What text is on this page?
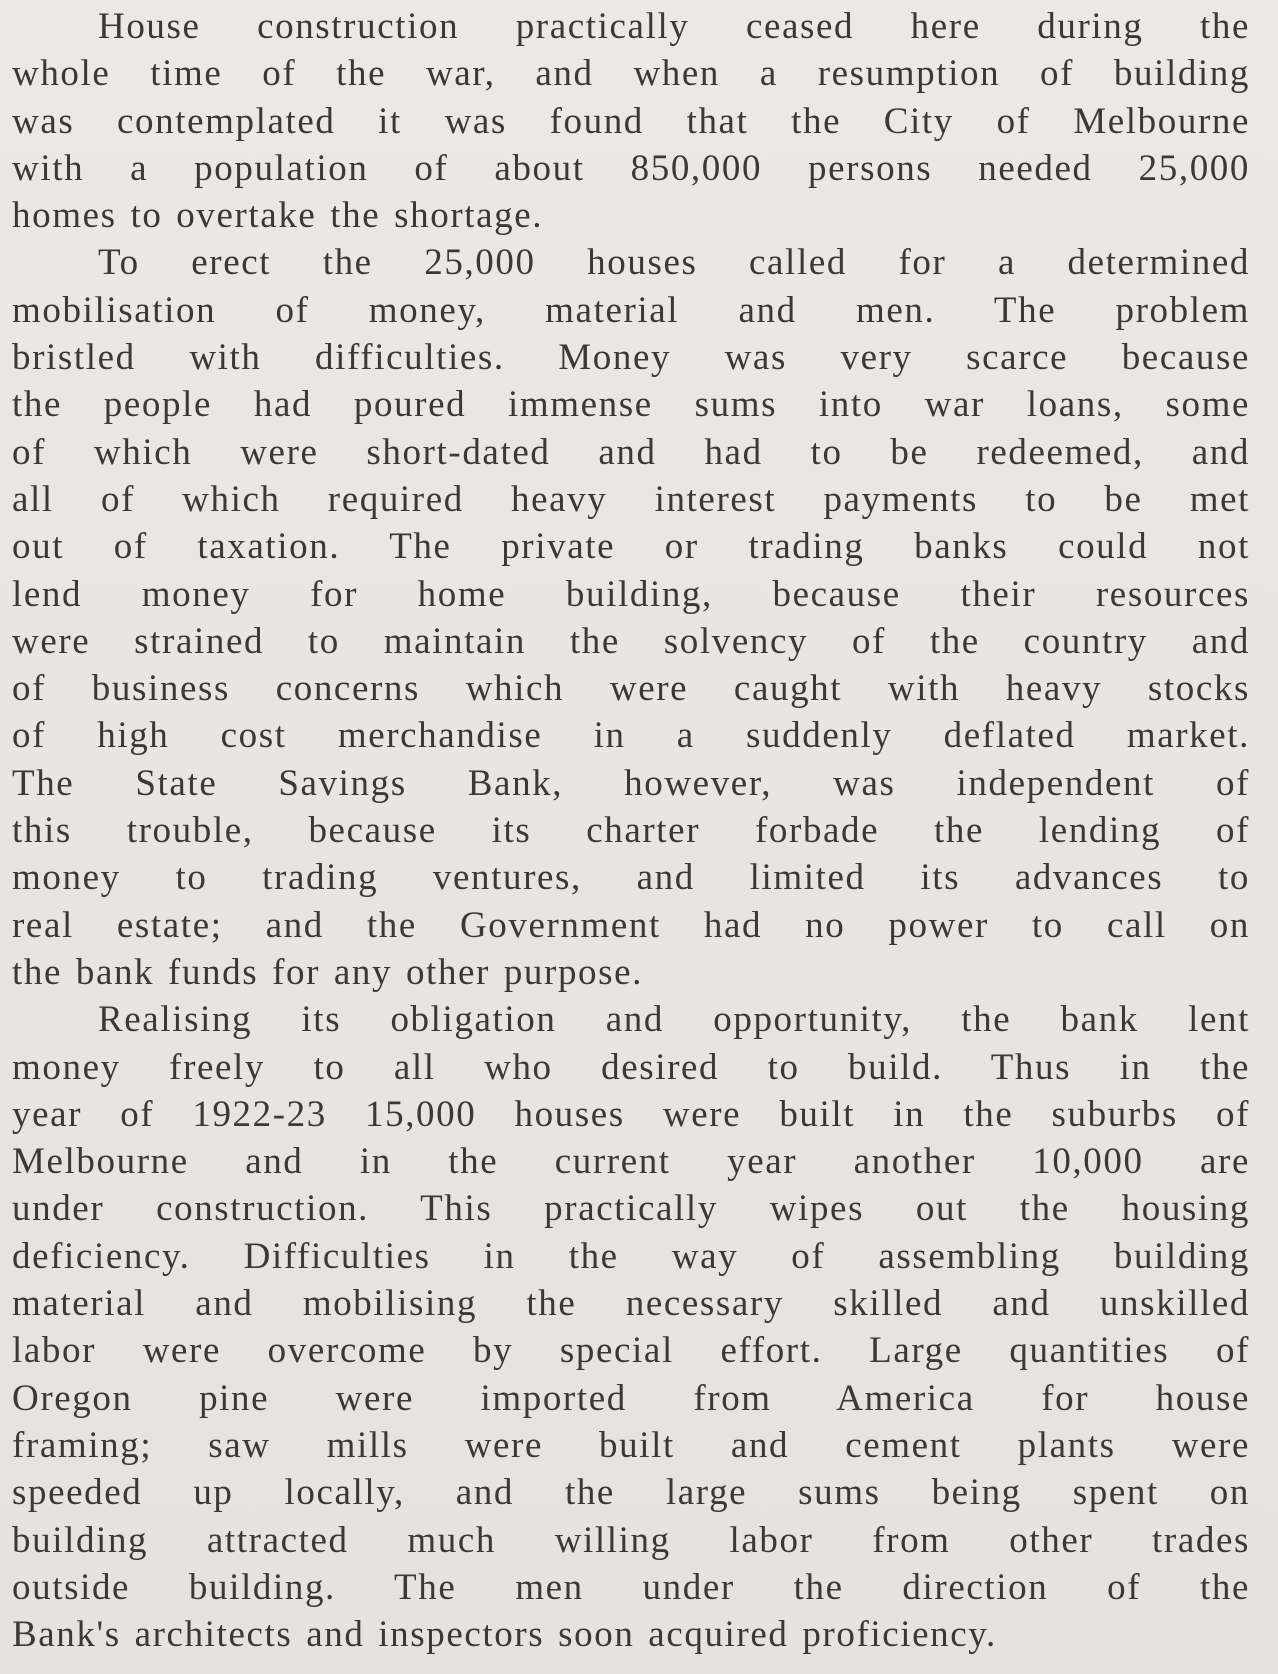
House construction practically ceased here during the
whole time of the war, and when a resumption of building
was contemplated it was found that the City of Melbourne
with a population of about 850,000 persons needed 25,000
homes to overtake the shortage.

To erect the 25,000 houses called for a determined
mobilisation of money, material and men. The problem
bristled with difficulties. Money was very scarce because
the people had poured immense sums into war loans, some
of which were short-dated and had to be redeemed, and
all of which required heavy interest payments to be met
out of taxation. The private or trading banks could not
lend money for home building, because their resources
were strained to maintain the solvency of the country and
of business concerns which were caught with heavy stocks
of high cost merchandise in a suddenly deflated market.
The State Savings Bank, however, was independent of
this trouble, because its charter forbade the lending of
money to trading ventures, and limited its advances to
real estate; and the Government had no power to call on
the bank funds for any other purpose.

Realising its obligation and opportunity, the bank lent
money freely to all who desired to build. Thus in the
year of 1922-23 15,000 houses were built in the suburbs of
Melbourne and in the current year another 10,000 are
under construction. This practically wipes out the housing
deficiency. Difficulties in the way of assembling building
material and mobilising the necessary skilled and unskilled
labor were overcome by special effort. Large quantities of
Oregon pine were imported from America for house
framing; saw mills were built and cement plants were
speeded up locally, and the large sums being spent on
building attracted much willing labor from other trades
outside building. The men under the direction of the
Bank's architects and inspectors soon acquired proficiency.
